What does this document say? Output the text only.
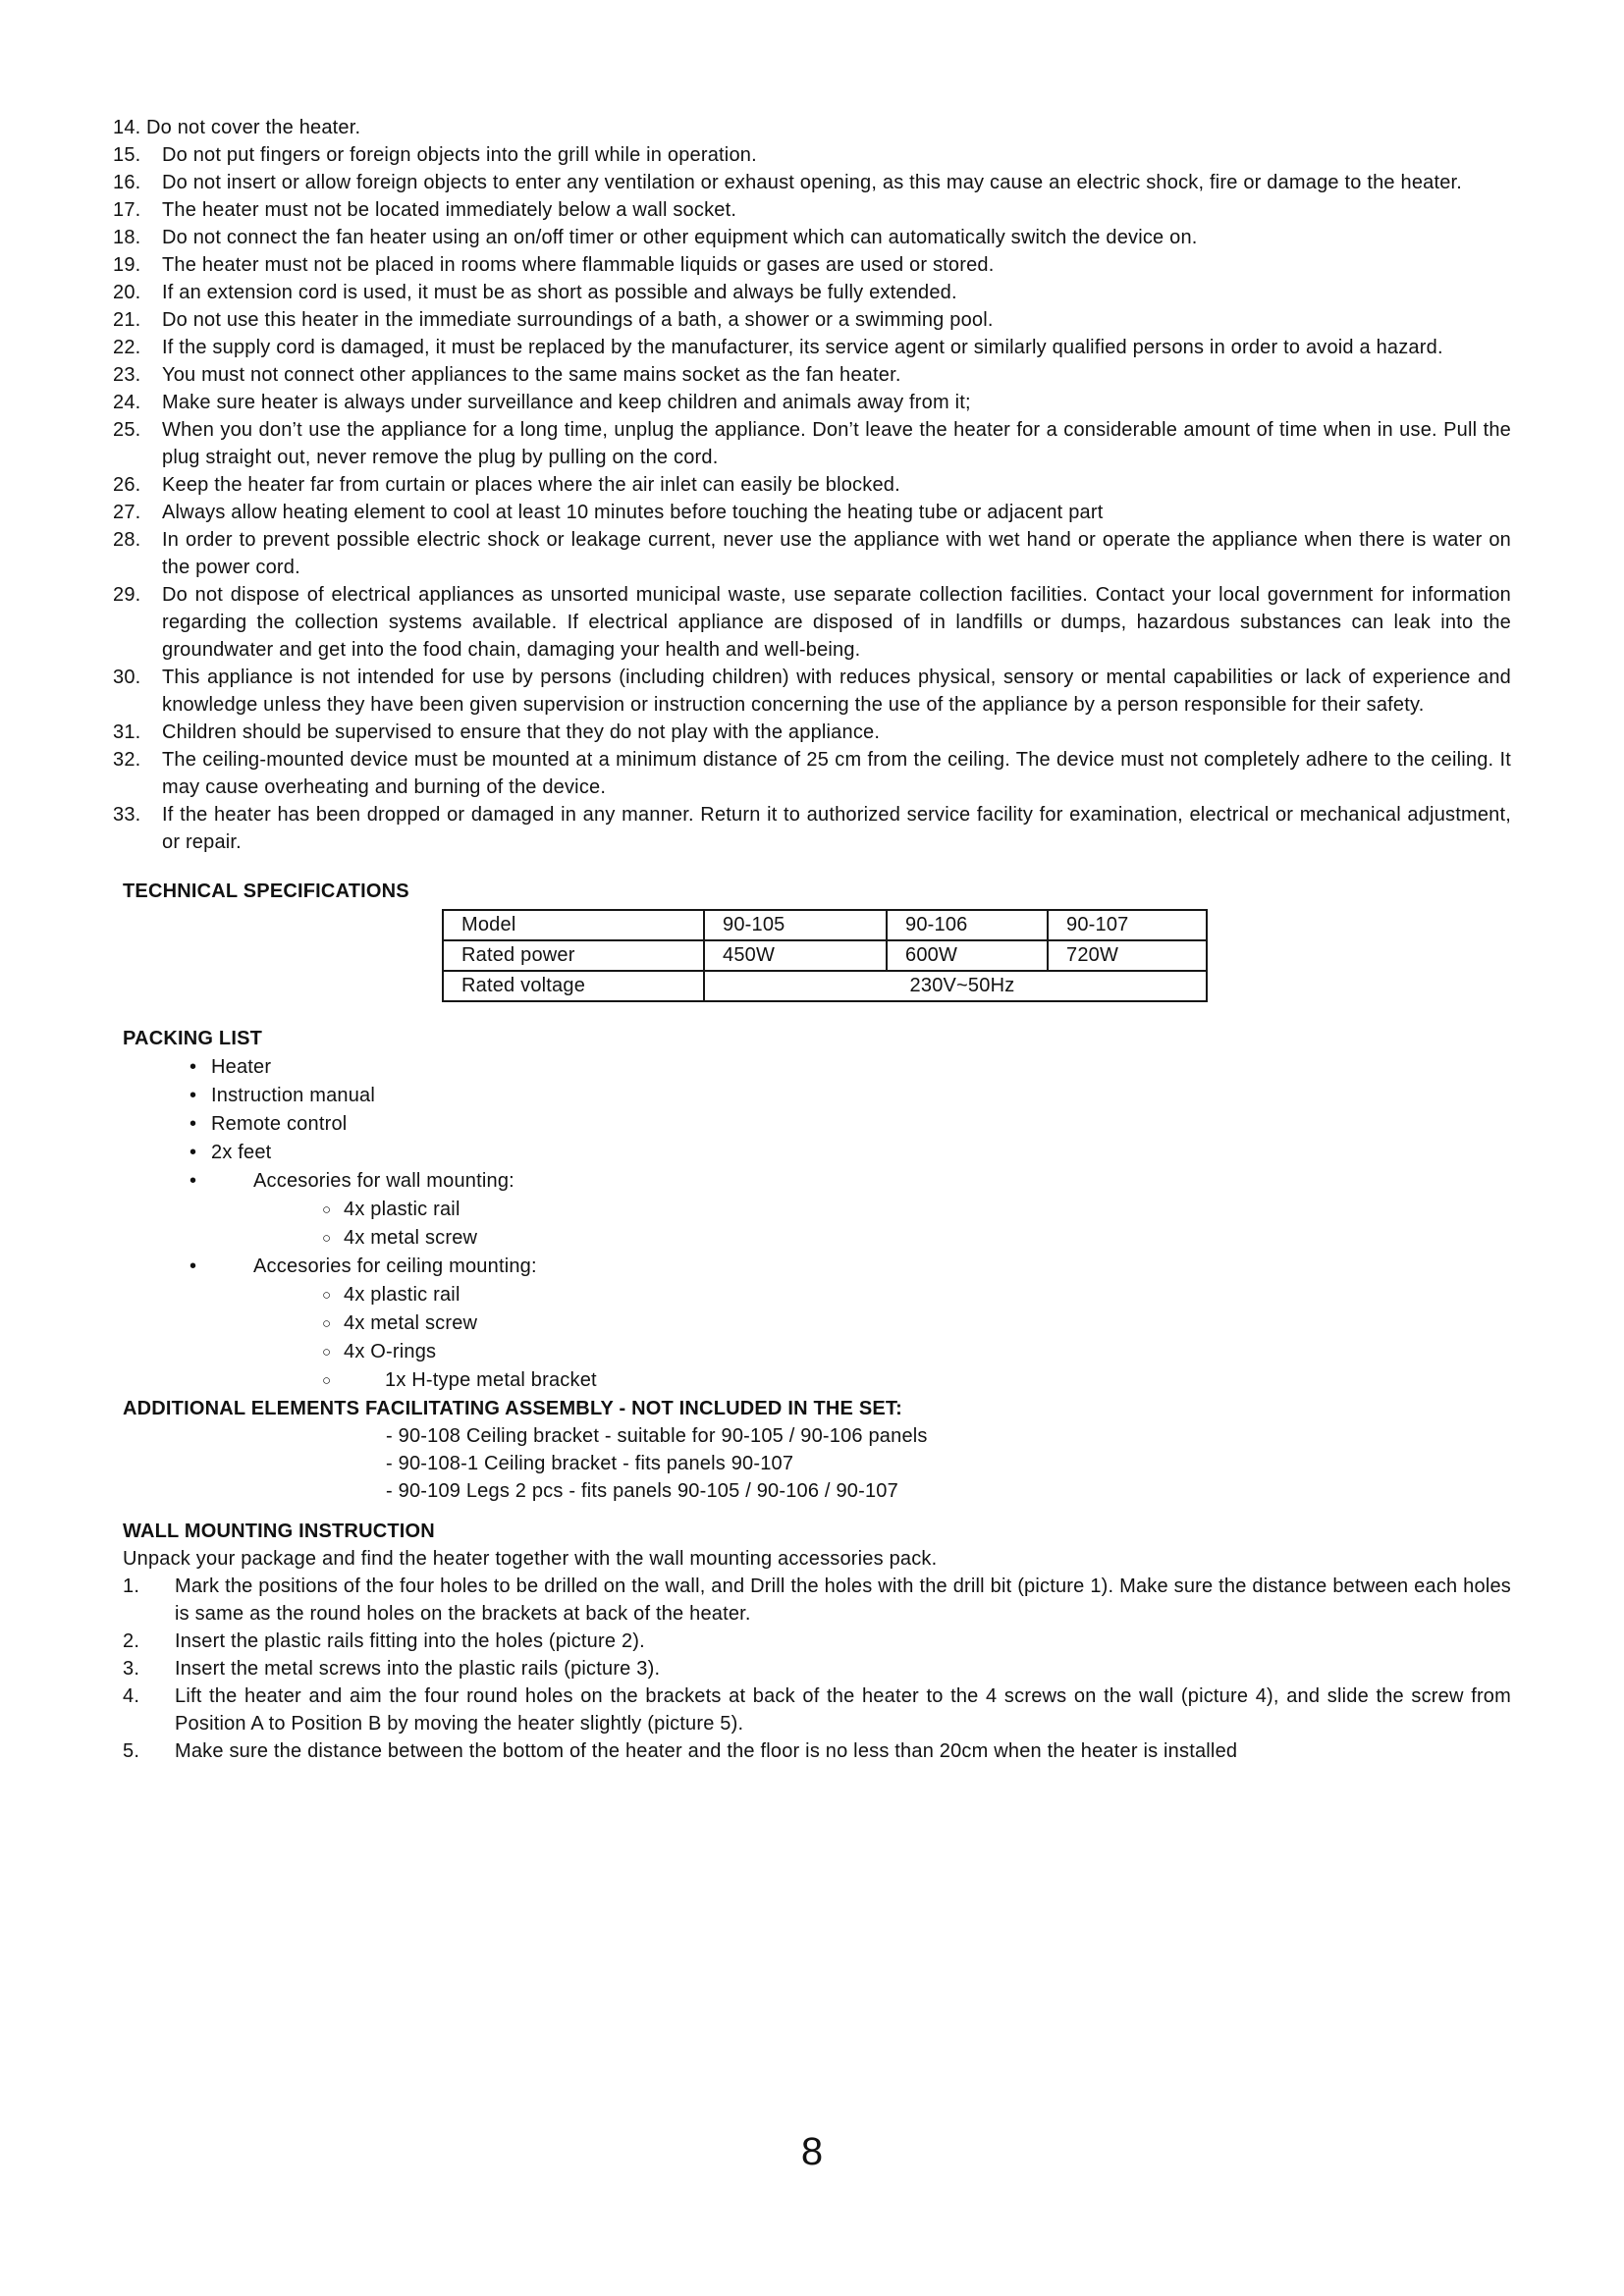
14. Do not cover the heater.
15. Do not put fingers or foreign objects into the grill while in operation.
16. Do not insert or allow foreign objects to enter any ventilation or exhaust opening, as this may cause an electric shock, fire or damage to the heater.
17. The heater must not be located immediately below a wall socket.
18. Do not connect the fan heater using an on/off timer or other equipment which can automatically switch the device on.
19. The heater must not be placed in rooms where flammable liquids or gases are used or stored.
20. If an extension cord is used, it must be as short as possible and always be fully extended.
21. Do not use this heater in the immediate surroundings of a bath, a shower or a swimming pool.
22. If the supply cord is damaged, it must be replaced by the manufacturer, its service agent or similarly qualified persons in order to avoid a hazard.
23. You must not connect other appliances to the same mains socket as the fan heater.
24. Make sure heater is always under surveillance and keep children and animals away from it;
25. When you don’t use the appliance for a long time, unplug the appliance. Don’t leave the heater for a considerable amount of time when in use. Pull the plug straight out, never remove the plug by pulling on the cord.
26. Keep the heater far from curtain or places where the air inlet can easily be blocked.
27. Always allow heating element to cool at least 10 minutes before touching the heating tube or adjacent part
28. In order to prevent possible electric shock or leakage current, never use the appliance with wet hand or operate the appliance when there is water on the power cord.
29. Do not dispose of electrical appliances as unsorted municipal waste, use separate collection facilities. Contact your local government for information regarding the collection systems available. If electrical appliance are disposed of in landfills or dumps, hazardous substances can leak into the groundwater and get into the food chain, damaging your health and well-being.
30. This appliance is not intended for use by persons (including children) with reduces physical, sensory or mental capabilities or lack of experience and knowledge unless they have been given supervision or instruction concerning the use of the appliance by a person responsible for their safety.
31. Children should be supervised to ensure that they do not play with the appliance.
32. The ceiling-mounted device must be mounted at a minimum distance of 25 cm from the ceiling. The device must not completely adhere to the ceiling. It may cause overheating and burning of the device.
33. If the heater has been dropped or damaged in any manner. Return it to authorized service facility for examination, electrical or mechanical adjustment, or repair.
TECHNICAL SPECIFICATIONS
Model	90-105	90-106	90-107
Rated power	450W	600W	720W
Rated voltage	230V~50Hz		
PACKING LIST
• Heater
• Instruction manual
• Remote control
• 2x feet
•	Accesories for wall mounting:
○ 4x plastic rail
○ 4x metal screw
•	Accesories for ceiling mounting:
○ 4x plastic rail
○ 4x metal screw
○ 4x O-rings
○	1x H-type metal bracket
ADDITIONAL ELEMENTS FACILITATING ASSEMBLY - NOT INCLUDED IN THE SET:
- 90-108 Ceiling bracket - suitable for 90-105 / 90-106 panels
- 90-108-1 Ceiling bracket - fits panels 90-107
- 90-109 Legs 2 pcs - fits panels 90-105 / 90-106 / 90-107
WALL MOUNTING INSTRUCTION
Unpack your package and find the heater together with the wall mounting accessories pack.
1. Mark the positions of the four holes to be drilled on the wall, and Drill the holes with the drill bit (picture 1). Make sure the distance between each holes is same as the round holes on the brackets at back of the heater.
2. Insert the plastic rails fitting into the holes (picture 2).
3. Insert the metal screws into the plastic rails (picture 3).
4. Lift the heater and aim the four round holes on the brackets at back of the heater to the 4 screws on the wall (picture 4), and slide the screw from Position A to Position B by moving the heater slightly (picture 5).
5. Make sure the distance between the bottom of the heater and the floor is no less than 20cm when the heater is installed
8
